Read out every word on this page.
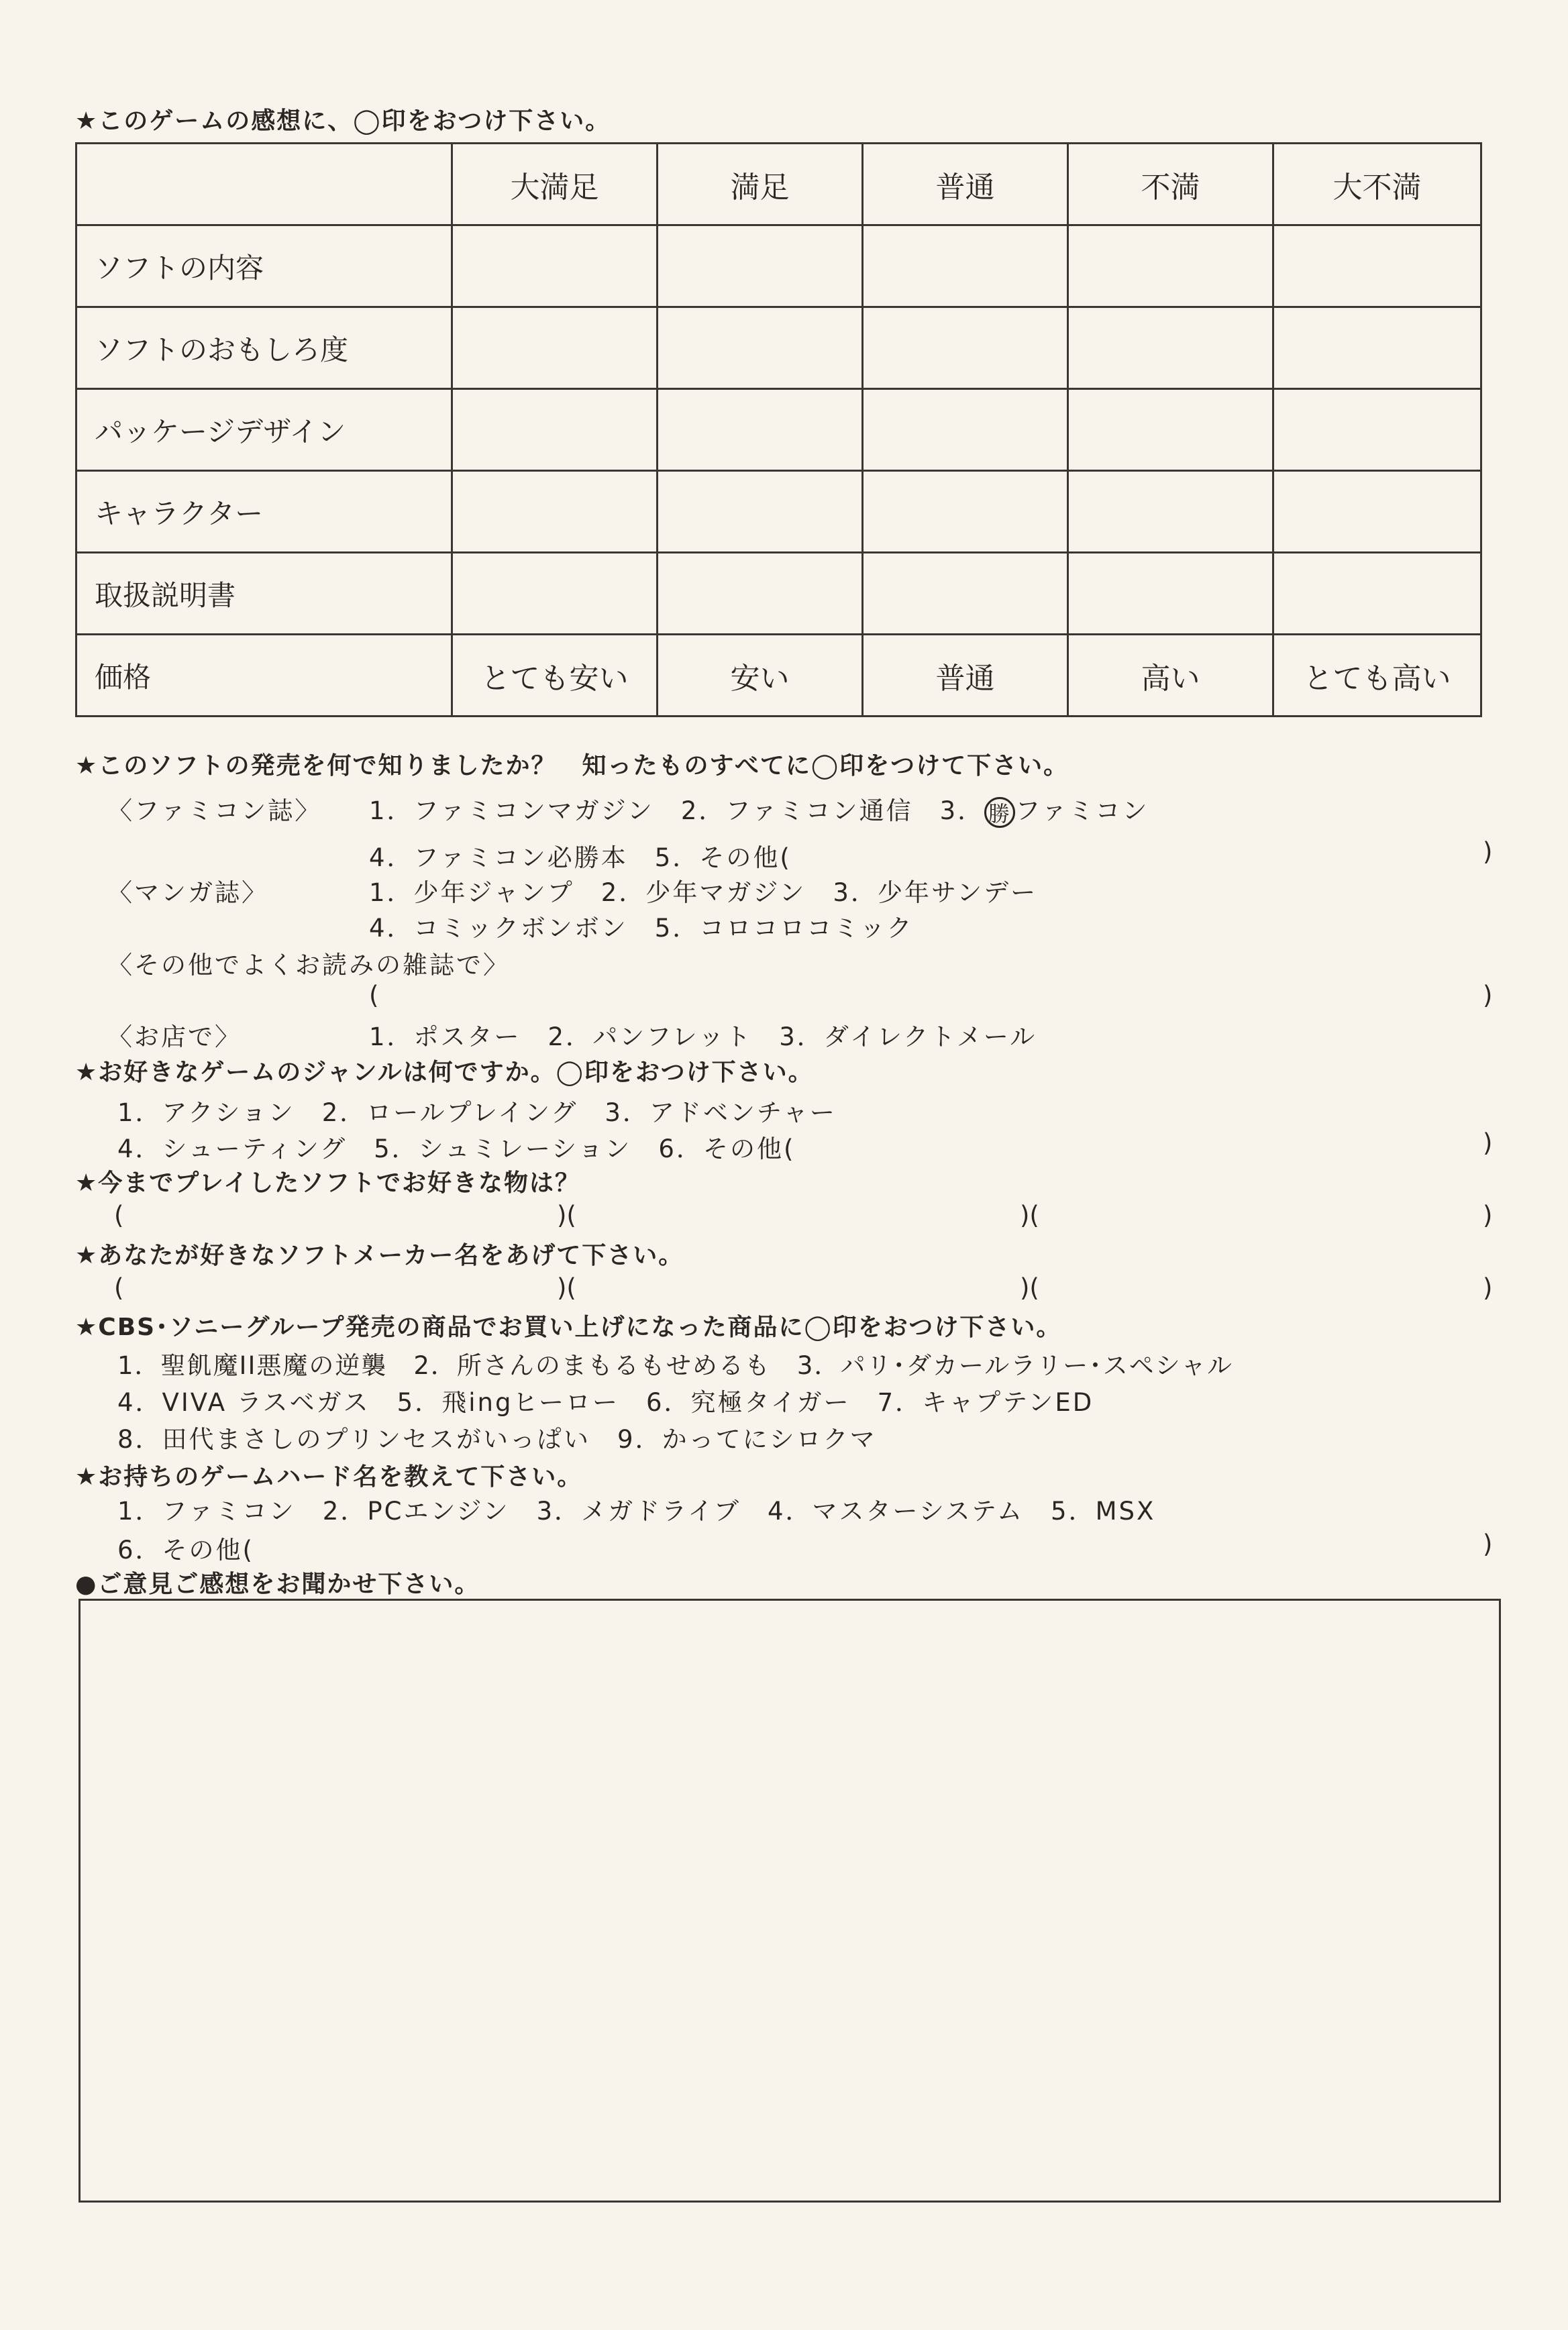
★このゲームの感想に、◯印をおつけ下さい。
	大満足	満足	普通	不満	大不満
ソフトの内容					
ソフトのおもしろ度					
パッケージデザイン					
キャラクター					
取扱説明書					
価格	とても安い	安い	普通	高い	とても高い
★このソフトの発売を何で知りましたか？　知ったものすべてに◯印をつけて下さい。
〈ファミコン誌〉 1．ファミコンマガジン　2．ファミコン通信　3． 勝 ファミコン
4．ファミコン必勝本　5．その他(	)
〈マンガ誌〉	1．少年ジャンプ　2．少年マガジン　3．少年サンデー
4．コミックボンボン　5．コロコロコミック
〈その他でよくお読みの雑誌で〉
(	)
〈お店で〉	1．ポスター　2．パンフレット　3．ダイレクトメール
★お好きなゲームのジャンルは何ですか。◯印をおつけ下さい。
1．アクション　2．ロールプレイング　3．アドベンチャー
4．シューティング　5．シュミレーション　6．その他(	)
★今までプレイしたソフトでお好きな物は？
(	)(	)(	)
★あなたが好きなソフトメーカー名をあげて下さい。
(	)(	)(	)
★CBS･ソニーグループ発売の商品でお買い上げになった商品に◯印をおつけ下さい。
1．聖飢魔II悪魔の逆襲　2．所さんのまもるもせめるも　3．パリ･ダカールラリー･スペシャル
4．VIVA ラスベガス　5．飛ingヒーロー　6．究極タイガー　7．キャプテンED
8．田代まさしのプリンセスがいっぱい　9．かってにシロクマ
★お持ちのゲームハード名を教えて下さい。
1．ファミコン　2．PCエンジン　3．メガドライブ　4．マスターシステム　5．MSX
6．その他(	)
●ご意見ご感想をお聞かせ下さい。
